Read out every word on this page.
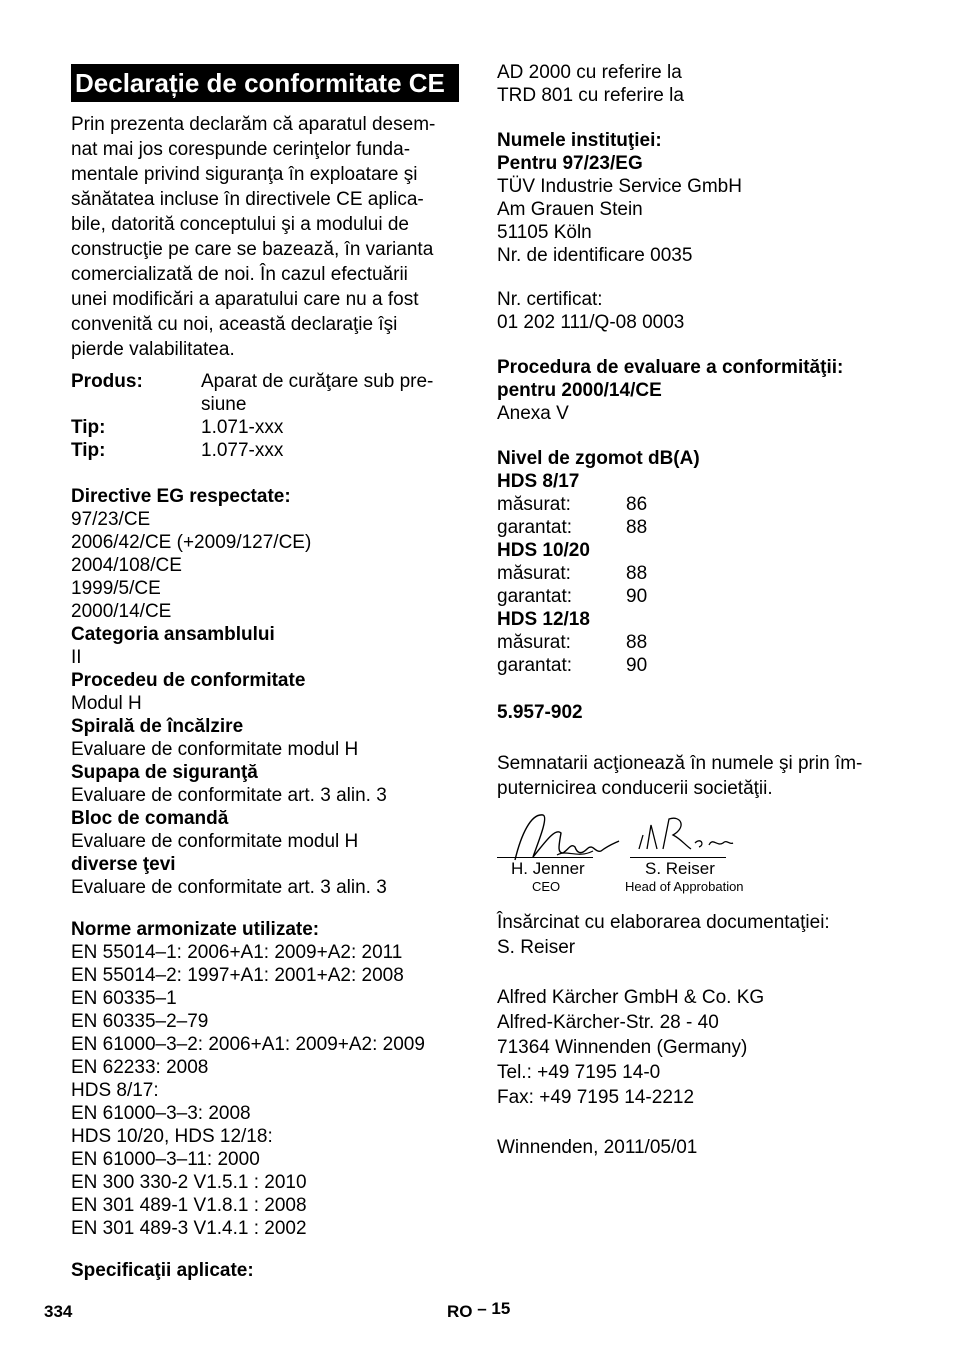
Declarație de conformitate CE
Prin prezenta declarăm că aparatul desem-
nat mai jos corespunde cerinţelor funda-
mentale privind siguranţa în exploatare şi
sănătatea incluse în directivele CE aplica-
bile, datorită conceptului şi a modului de
construcţie pe care se bazează, în varianta
comercializată de noi. În cazul efectuării
unei modificări a aparatului care nu a fost
convenită cu noi, această declaraţie îşi
pierde valabilitatea.
Produs:	Aparat de curăţare sub pre-
siune
Tip:	1.071-xxx
Tip:	1.077-xxx
Directive EG respectate:
97/23/CE
2006/42/CE (+2009/127/CE)
2004/108/CE
1999/5/CE
2000/14/CE
Categoria ansamblului
II
Procedeu de conformitate
Modul H
Spirală de încălzire
Evaluare de conformitate modul H
Supapa de siguranţă
Evaluare de conformitate art. 3 alin. 3
Bloc de comandă
Evaluare de conformitate modul H
diverse ţevi
Evaluare de conformitate art. 3 alin. 3
Norme armonizate utilizate:
EN 55014–1: 2006+A1: 2009+A2: 2011
EN 55014–2: 1997+A1: 2001+A2: 2008
EN 60335–1
EN 60335–2–79
EN 61000–3–2: 2006+A1: 2009+A2: 2009
EN 62233: 2008
HDS 8/17:
EN 61000–3–3: 2008
HDS 10/20, HDS 12/18:
EN 61000–3–11: 2000
EN 300 330-2 V1.5.1 : 2010
EN 301 489-1 V1.8.1 : 2008
EN 301 489-3 V1.4.1 : 2002
Specificaţii aplicate:
AD 2000 cu referire la
TRD 801 cu referire la
Numele instituţiei:
Pentru 97/23/EG
TÜV Industrie Service GmbH
Am Grauen Stein
51105 Köln
Nr. de identificare 0035
Nr. certificat:
01 202 111/Q-08 0003
Procedura de evaluare a conformităţii:
pentru 2000/14/CE
Anexa V
Nivel de zgomot dB(A)
HDS 8/17
măsurat:	86
garantat:	88
HDS 10/20
măsurat:	88
garantat:	90
HDS 12/18
măsurat:	88
garantat:	90
5.957-902
Semnatarii acţionează în numele şi prin îm-
puternicirea conducerii societăţii.
H. Jenner
CEO
S. Reiser
Head of Approbation
Însărcinat cu elaborarea documentaţiei:
S. Reiser
Alfred Kärcher GmbH & Co. KG
Alfred-Kärcher-Str. 28 - 40
71364 Winnenden (Germany)
Tel.: +49 7195 14-0
Fax: +49 7195 14-2212
Winnenden, 2011/05/01
334	RO – 15
